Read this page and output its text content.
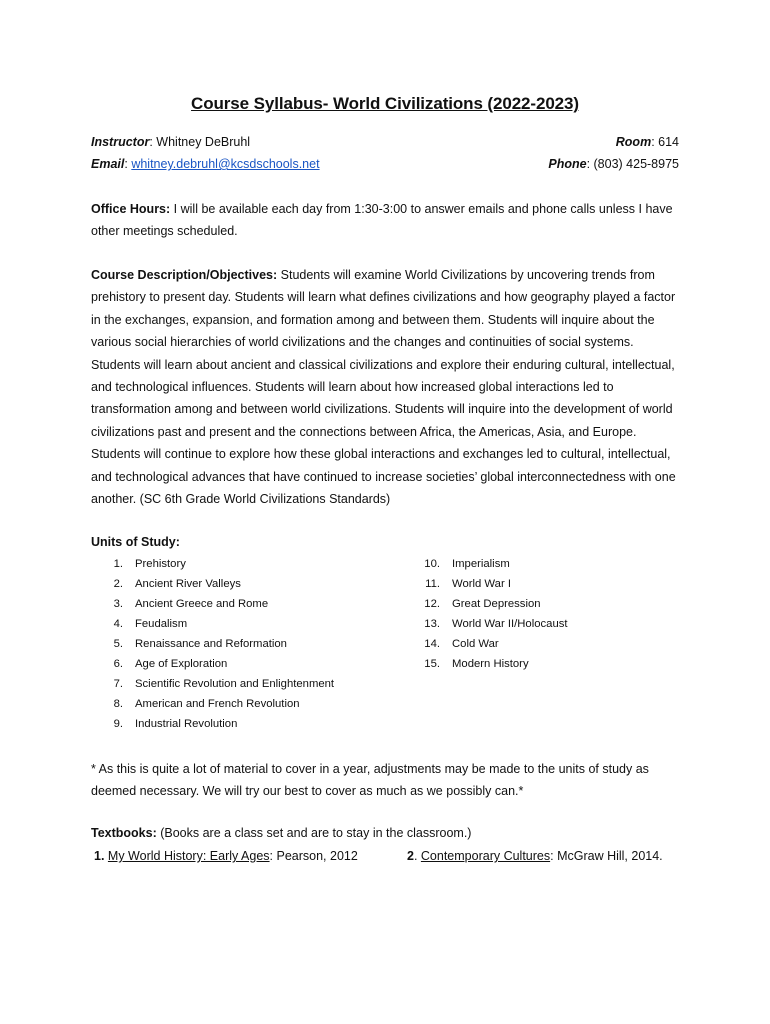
Course Syllabus- World Civilizations (2022-2023)
Instructor: Whitney DeBruhl	Room: 614
Email: whitney.debruhl@kcsdschools.net	Phone: (803) 425-8975
Office Hours: I will be available each day from 1:30-3:00 to answer emails and phone calls unless I have other meetings scheduled.
Course Description/Objectives: Students will examine World Civilizations by uncovering trends from prehistory to present day. Students will learn what defines civilizations and how geography played a factor in the exchanges, expansion, and formation among and between them. Students will inquire about the various social hierarchies of world civilizations and the changes and continuities of social systems. Students will learn about ancient and classical civilizations and explore their enduring cultural, intellectual, and technological influences. Students will learn about how increased global interactions led to transformation among and between world civilizations. Students will inquire into the development of world civilizations past and present and the connections between Africa, the Americas, Asia, and Europe. Students will continue to explore how these global interactions and exchanges led to cultural, intellectual, and technological advances that have continued to increase societies’ global interconnectedness with one another. (SC 6th Grade World Civilizations Standards)
Units of Study:
1. Prehistory
2. Ancient River Valleys
3. Ancient Greece and Rome
4. Feudalism
5. Renaissance and Reformation
6. Age of Exploration
7. Scientific Revolution and Enlightenment
8. American and French Revolution
9. Industrial Revolution
10. Imperialism
11. World War I
12. Great Depression
13. World War II/Holocaust
14. Cold War
15. Modern History
* As this is quite a lot of material to cover in a year, adjustments may be made to the units of study as deemed necessary. We will try our best to cover as much as we possibly can.*
Textbooks: (Books are a class set and are to stay in the classroom.)
1. My World History: Early Ages: Pearson, 2012	2. Contemporary Cultures: McGraw Hill, 2014.
